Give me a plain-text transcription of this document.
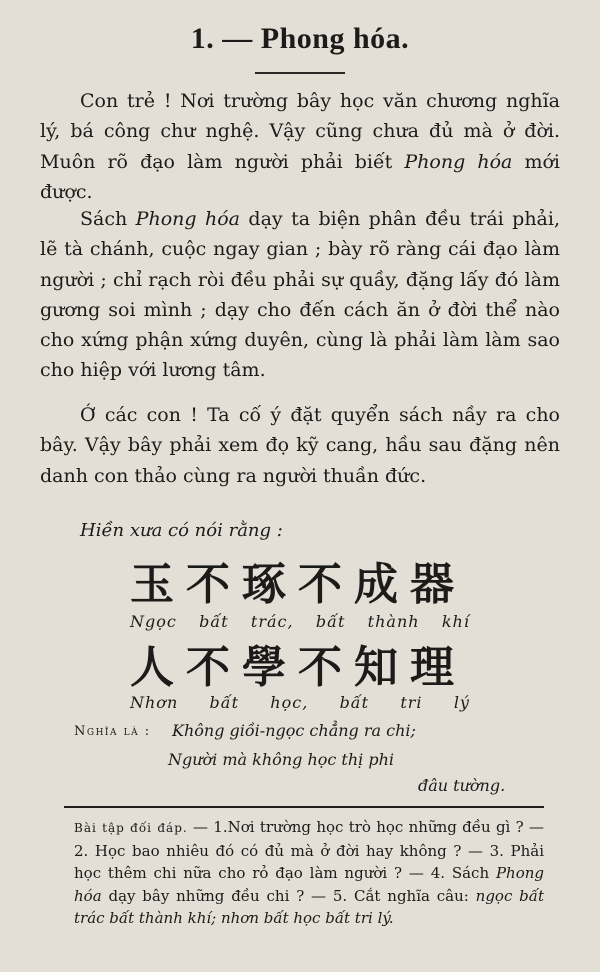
1. — Phong hóa.

Con trẻ ! Nơi trường bây học văn chương nghĩa lý, bá công chư nghệ. Vậy cũng chưa đủ mà ở đời. Muôn rõ đạo làm người phải biết Phong hóa mới được.

Sách Phong hóa dạy ta biện phân đều trái phải, lẽ tà chánh, cuộc ngay gian ; bày rõ ràng cái đạo làm người ; chỉ rạch ròi đều phải sự quầy, đặng lấy đó làm gương soi mình ; dạy cho đến cách ăn ở đời thể nào cho xứng phận xứng duyên, cùng là phải làm làm sao cho hiệp với lương tâm.

Ớ các con ! Ta cố ý đặt quyển sách nầy ra cho bây. Vậy bây phải xem đọ kỹ cang, hầu sau đặng nên danh con thảo cùng ra người thuần đức.

Hiền xưa có nói rằng :
玉不琢不成器
Ngọc bất trác, bất thành khí
人不學不知理
Nhơn bất học, bất tri lý
Nghĩa là : Không giồi-ngọc chẳng ra chi;
Người mà không học thị phi
đâu tường.
Bài tập đối đáp. — 1.Nơi trường học trò học những đều gì ? — 2. Học bao nhiêu đó có đủ mà ở đời hay không ? — 3. Phải học thêm chi nữa cho rỏ đạo làm người ? — 4. Sách Phong hóa dạy bây những đều chi ? — 5. Cắt nghĩa câu: ngọc bất trác bất thành khí; nhơn bất học bất tri lý.
